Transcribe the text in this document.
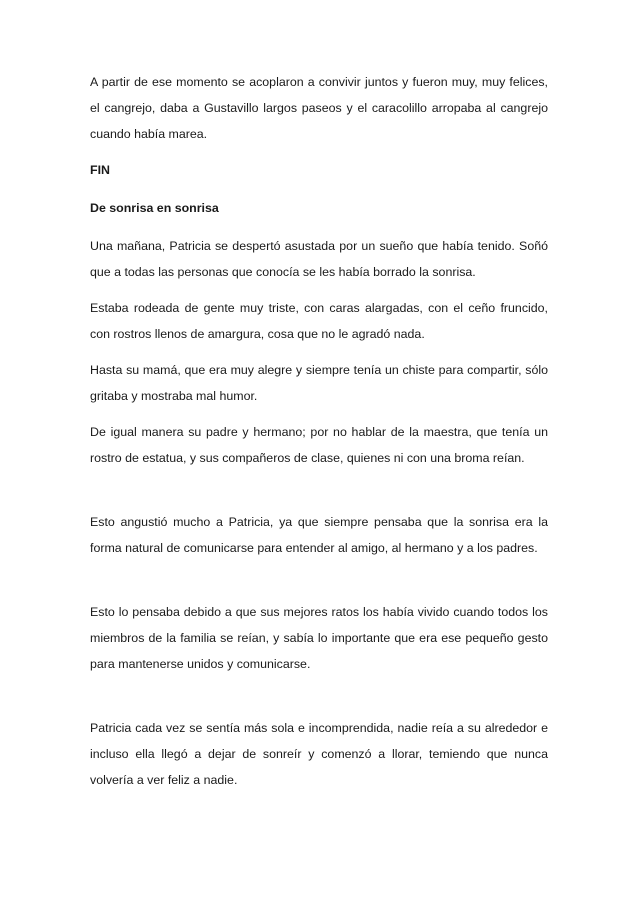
A partir de ese momento se acoplaron a convivir juntos y fueron muy, muy felices, el cangrejo, daba a Gustavillo largos paseos y el caracolillo arropaba al cangrejo cuando había marea.

FIN

De sonrisa en sonrisa

Una mañana, Patricia se despertó asustada por un sueño que había tenido. Soñó que a todas las personas que conocía se les había borrado la sonrisa.

Estaba rodeada de gente muy triste, con caras alargadas, con el ceño fruncido, con rostros llenos de amargura, cosa que no le agradó nada.

Hasta su mamá, que era muy alegre y siempre tenía un chiste para compartir, sólo gritaba y mostraba mal humor.

De igual manera su padre y hermano; por no hablar de la maestra, que tenía un rostro de estatua, y sus compañeros de clase, quienes ni con una broma reían.

Esto angustió mucho a Patricia, ya que siempre pensaba que la sonrisa era la forma natural de comunicarse para entender al amigo, al hermano y a los padres.

Esto lo pensaba debido a que sus mejores ratos los había vivido cuando todos los miembros de la familia se reían, y sabía lo importante que era ese pequeño gesto para mantenerse unidos y comunicarse.

Patricia cada vez se sentía más sola e incomprendida, nadie reía a su alrededor e incluso ella llegó a dejar de sonreír y comenzó a llorar, temiendo que nunca volvería a ver feliz a nadie.
